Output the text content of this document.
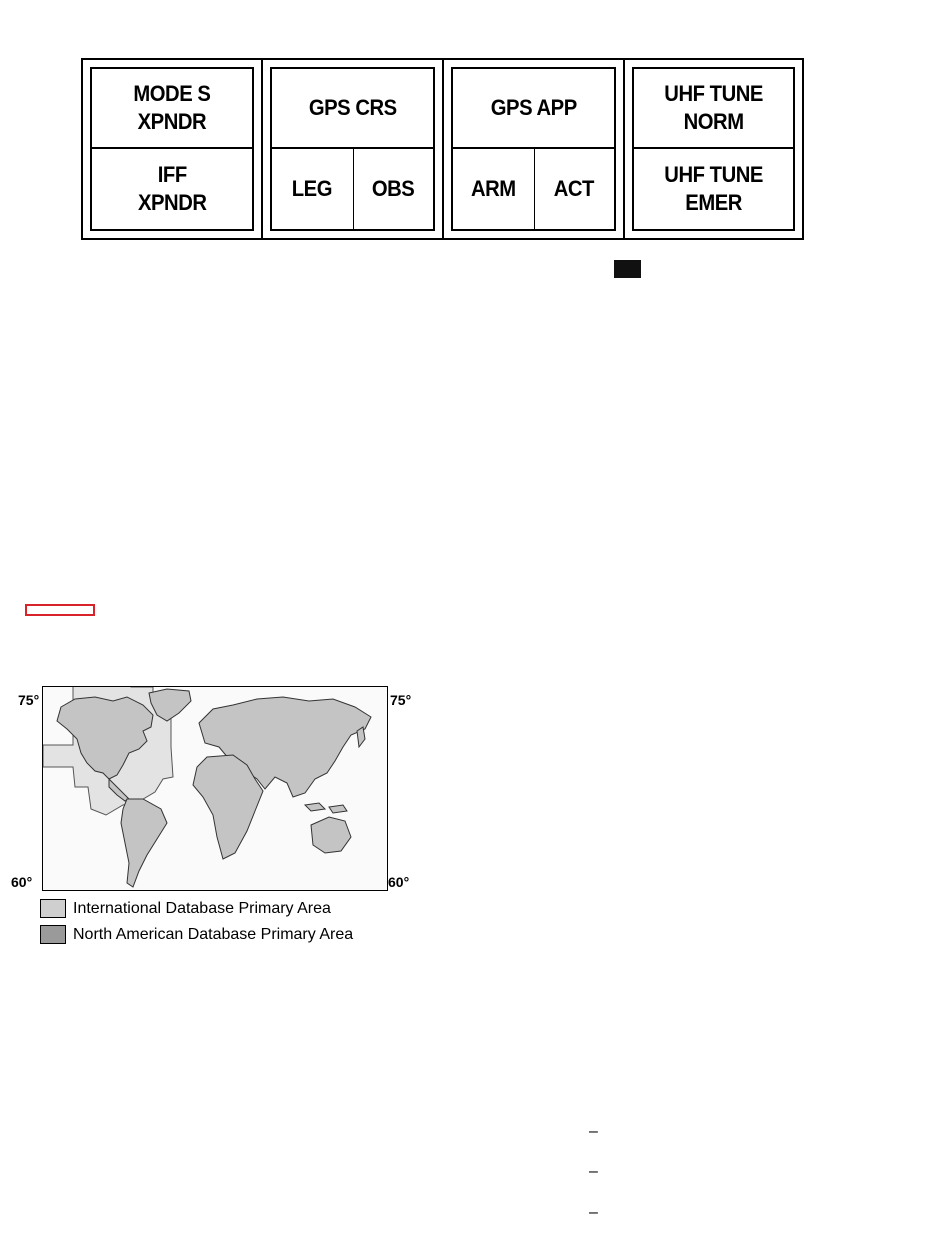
MODE S
XPNDR
IFF
XPNDR
GPS CRS
LEG OBS
GPS APP
ARM ACT
UHF TUNE
NORM
UHF TUNE
EMER
75°	75°
60°	60°
International Database Primary Area
North American Database Primary Area
–
–
–
